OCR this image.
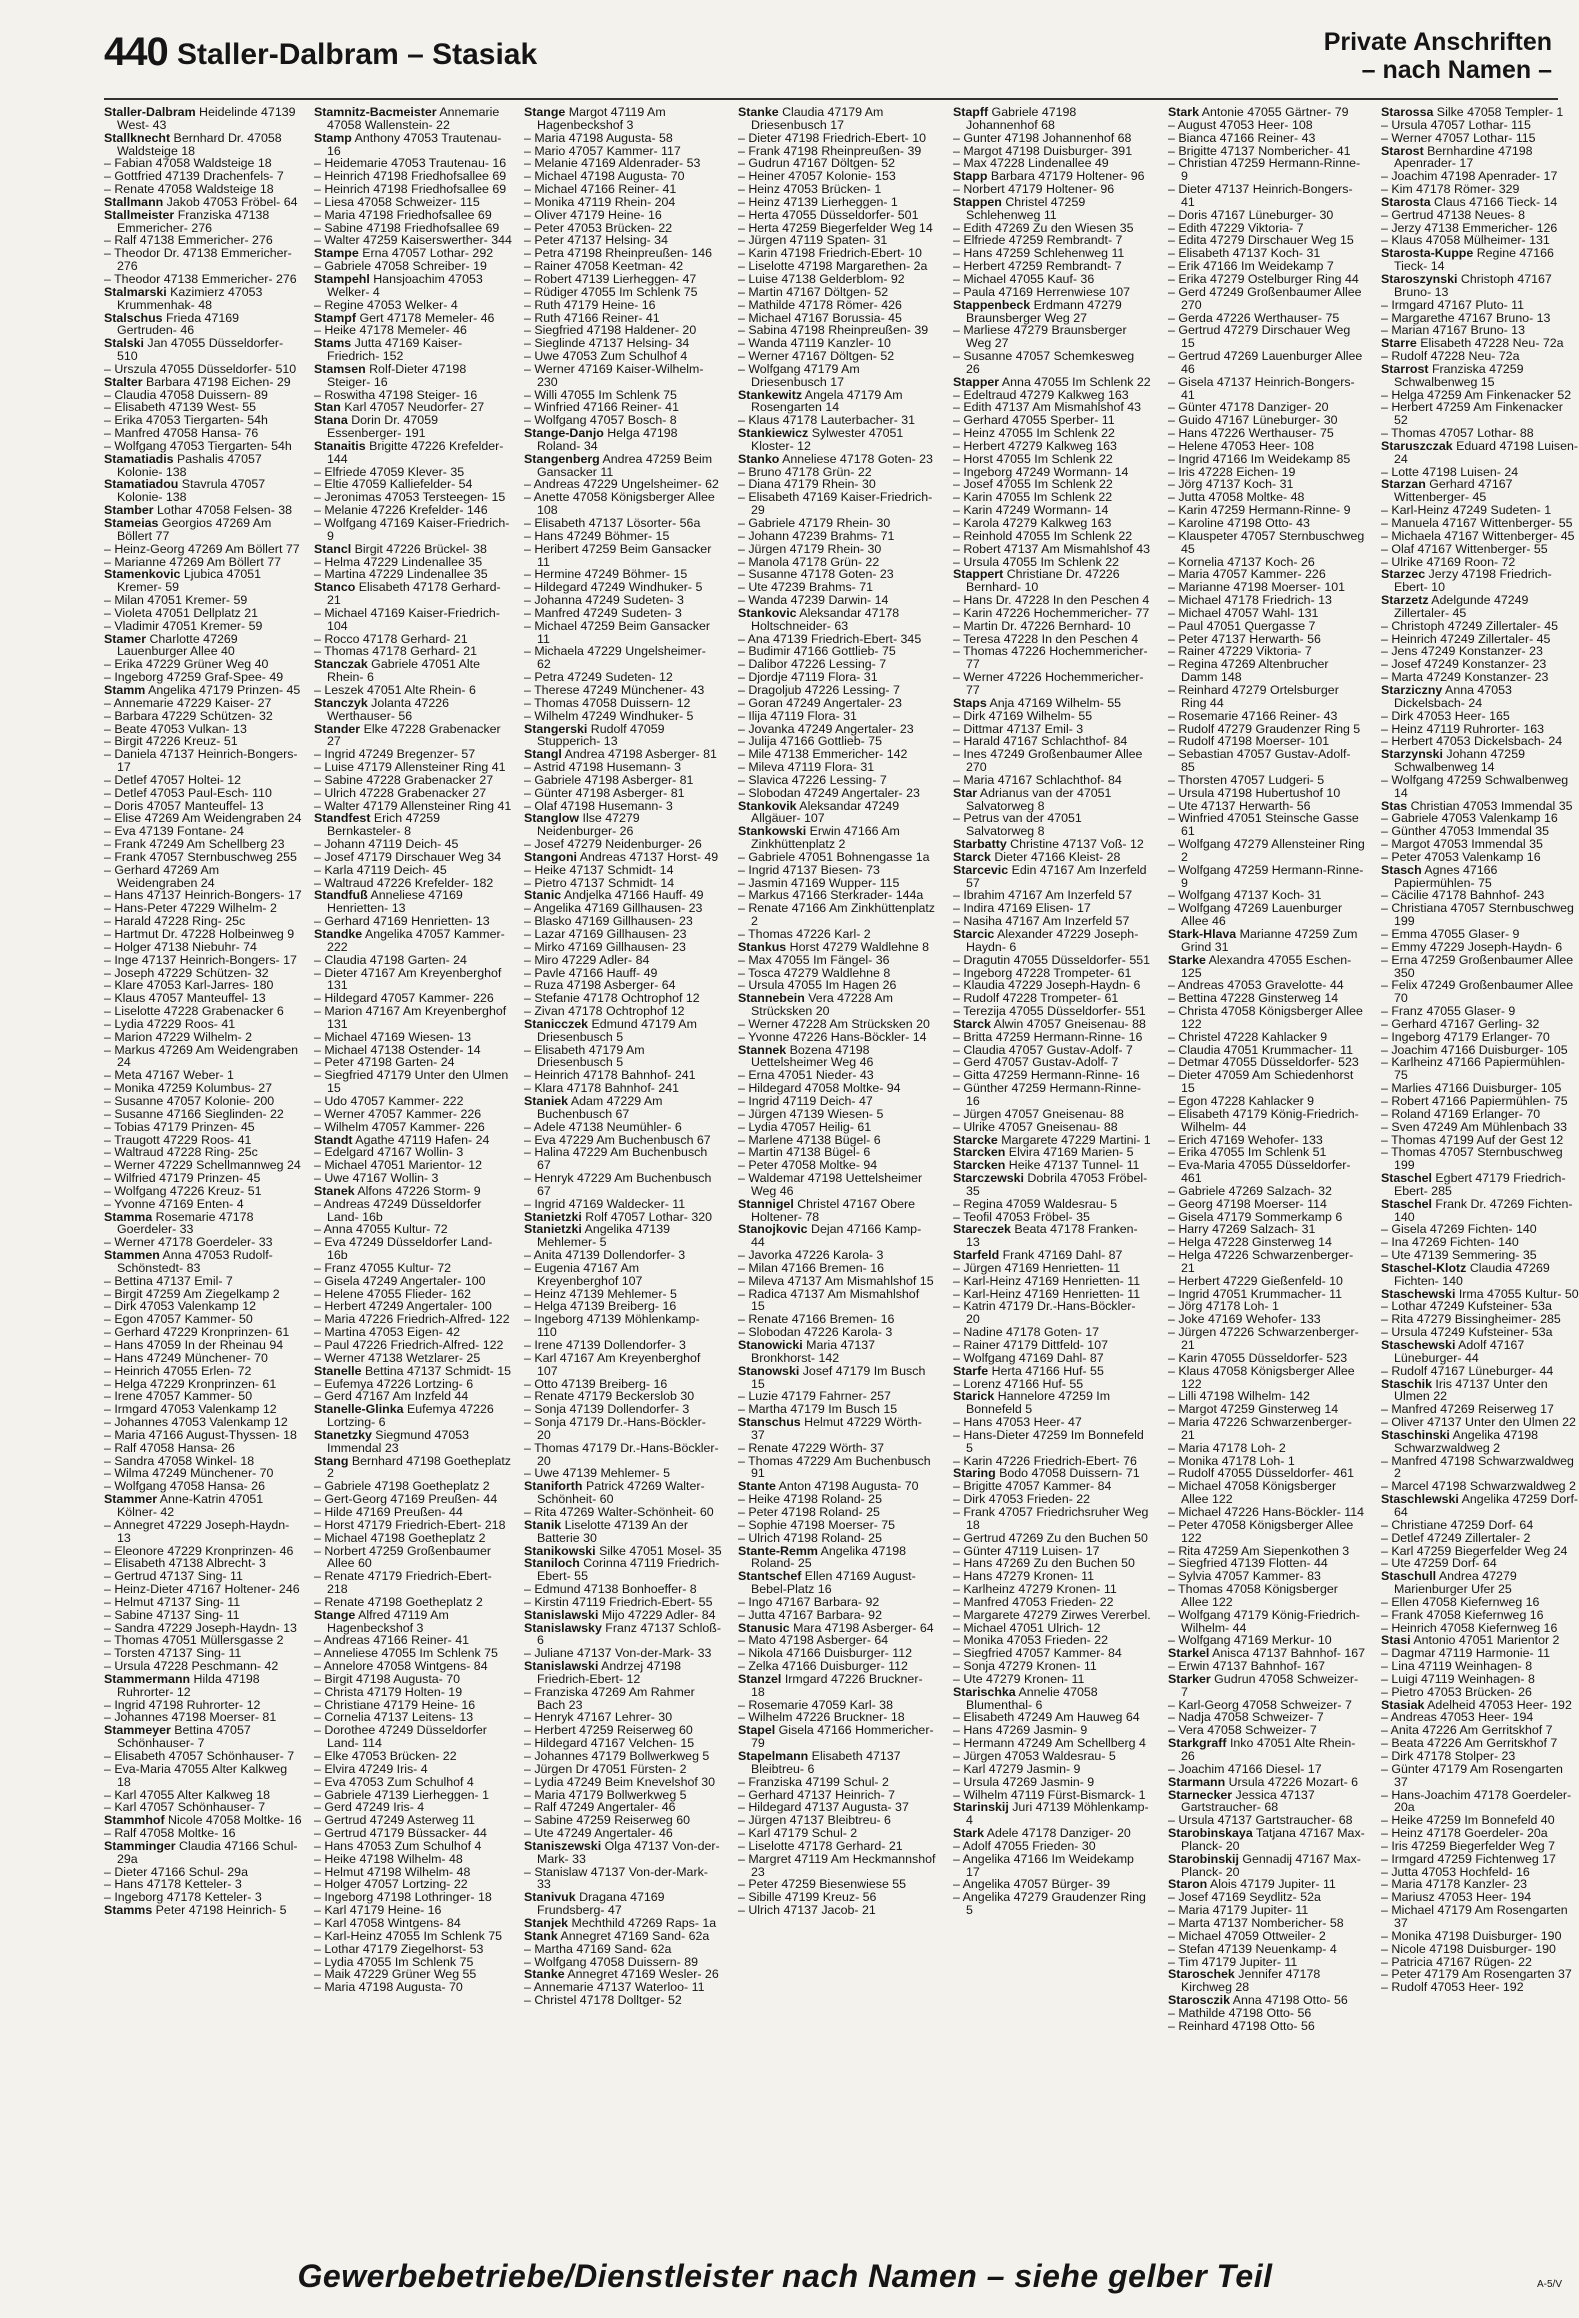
440 Staller-Dalbram – Stasiak	Private Anschriften
– nach Namen –
Staller-Dalbram Heidelinde 47139 West- 43
Stallknecht Bernhard Dr. 47058 Waldsteige 18
– Fabian 47058 Waldsteige 18
– Gottfried 47139 Drachenfels- 7
– Renate 47058 Waldsteige 18
Stallmann Jakob 47053 Fröbel- 64
Stallmeister Franziska 47138 Emmericher- 276
– Ralf 47138 Emmericher- 276
– Theodor Dr. 47138 Emmericher- 276
– Theodor 47138 Emmericher- 276
Stalmarski Kazimierz 47053 Krummenhak- 48
Stalschus Frieda 47169 Gertruden- 46
Stalski Jan 47055 Düsseldorfer- 510
– Urszula 47055 Düsseldorfer- 510
Stalter Barbara 47198 Eichen- 29
– Claudia 47058 Duissern- 89
– Elisabeth 47139 West- 55
– Erika 47053 Tiergarten- 54h
– Manfred 47058 Hansa- 76
– Wolfgang 47053 Tiergarten- 54h
Stamatiadis Pashalis 47057 Kolonie- 138
Stamatiadou Stavrula 47057 Kolonie- 138
Stamber Lothar 47058 Felsen- 38
Stameias Georgios 47269 Am Böllert 77
– Heinz-Georg 47269 Am Böllert 77
– Marianne 47269 Am Böllert 77
Stamenkovic Ljubica 47051 Kremer- 59
– Milan 47051 Kremer- 59
– Violeta 47051 Dellplatz 21
– Vladimir 47051 Kremer- 59
Stamer Charlotte 47269 Lauenburger Allee 40
– Erika 47229 Grüner Weg 40
– Ingeborg 47259 Graf-Spee- 49
Stamm Angelika 47179 Prinzen- 45
– Annemarie 47229 Kaiser- 27
– Barbara 47229 Schützen- 32
– Beate 47053 Vulkan- 13
– Birgit 47226 Kreuz- 51
– Daniela 47137 Heinrich-Bongers- 17
– Detlef 47057 Holtei- 12
– Detlef 47053 Paul-Esch- 110
– Doris 47057 Manteuffel- 13
– Elise 47269 Am Weidengraben 24
– Eva 47139 Fontane- 24
– Frank 47249 Am Schellberg 23
– Frank 47057 Sternbuschweg 255
– Gerhard 47269 Am Weidengraben 24
– Hans 47137 Heinrich-Bongers- 17
– Hans-Peter 47229 Wilhelm- 2
– Harald 47228 Ring- 25c
– Hartmut Dr. 47228 Holbeinweg 9
– Holger 47138 Niebuhr- 74
– Inge 47137 Heinrich-Bongers- 17
– Joseph 47229 Schützen- 32
– Klare 47053 Karl-Jarres- 180
– Klaus 47057 Manteuffel- 13
– Liselotte 47228 Grabenacker 6
– Lydia 47229 Roos- 41
– Marion 47229 Wilhelm- 2
– Markus 47269 Am Weidengraben 24
– Meta 47167 Weber- 1
– Monika 47259 Kolumbus- 27
– Susanne 47057 Kolonie- 200
– Susanne 47166 Sieglinden- 22
– Tobias 47179 Prinzen- 45
– Traugott 47229 Roos- 41
– Waltraud 47228 Ring- 25c
– Werner 47229 Schellmannweg 24
– Wilfried 47179 Prinzen- 45
– Wolfgang 47226 Kreuz- 51
– Yvonne 47169 Enten- 4
Stamma Rosemarie 47178 Goerdeler- 33
– Werner 47178 Goerdeler- 33
Stammen Anna 47053 Rudolf-Schönstedt- 83
– Bettina 47137 Emil- 7
– Birgit 47259 Am Ziegelkamp 2
– Dirk 47053 Valenkamp 12
– Egon 47057 Kammer- 50
– Gerhard 47229 Kronprinzen- 61
– Hans 47059 In der Rheinau 94
– Hans 47249 Münchener- 70
– Heinrich 47055 Erlen- 72
– Helga 47229 Kronprinzen- 61
– Irene 47057 Kammer- 50
– Irmgard 47053 Valenkamp 12
– Johannes 47053 Valenkamp 12
– Maria 47166 August-Thyssen- 18
– Ralf 47058 Hansa- 26
– Sandra 47058 Winkel- 18
– Wilma 47249 Münchener- 70
– Wolfgang 47058 Hansa- 26
Stammer Anne-Katrin 47051 Kölner- 42
– Annegret 47229 Joseph-Haydn- 13
– Eleonore 47229 Kronprinzen- 46
– Elisabeth 47138 Albrecht- 3
– Gertrud 47137 Sing- 11
– Heinz-Dieter 47167 Holtener- 246
– Helmut 47137 Sing- 11
– Sabine 47137 Sing- 11
– Sandra 47229 Joseph-Haydn- 13
– Thomas 47051 Müllersgasse 2
– Torsten 47137 Sing- 11
– Ursula 47228 Peschmann- 42
Stammermann Hilda 47198 Ruhrorter- 12
– Ingrid 47198 Ruhrorter- 12
– Johannes 47198 Moerser- 81
Stammeyer Bettina 47057 Schönhauser- 7
– Elisabeth 47057 Schönhauser- 7
– Eva-Maria 47055 Alter Kalkweg 18
– Karl 47055 Alter Kalkweg 18
– Karl 47057 Schönhauser- 7
Stammhof Nicole 47058 Moltke- 16
– Ralf 47058 Moltke- 16
Stamminger Claudia 47166 Schul- 29a
– Dieter 47166 Schul- 29a
– Hans 47178 Ketteler- 3
– Ingeborg 47178 Ketteler- 3
Stamms Peter 47198 Heinrich- 5
Stamnitz-Bacmeister Annemarie 47058 Wallenstein- 22
Stamp Anthony 47053 Trautenau- 16
– Heidemarie 47053 Trautenau- 16
– Heinrich 47198 Friedhofsallee 69
– Heinrich 47198 Friedhofsallee 69
– Liesa 47058 Schweizer- 115
– Maria 47198 Friedhofsallee 69
– Sabine 47198 Friedhofsallee 69
– Walter 47259 Kaiserswerther- 344
Stampe Erna 47057 Lothar- 292
– Gabriele 47058 Schreiber- 19
Stampehl Hansjoachim 47053 Welker- 4
– Regine 47053 Welker- 4
Stampf Gert 47178 Memeler- 46
– Heike 47178 Memeler- 46
Stams Jutta 47169 Kaiser-Friedrich- 152
Stamsen Rolf-Dieter 47198 Steiger- 16
– Roswitha 47198 Steiger- 16
Stan Karl 47057 Neudorfer- 27
Stana Dorin Dr. 47059 Essenberger- 191
Stanaitis Brigitte 47226 Krefelder- 144
– Elfriede 47059 Klever- 35
– Eltie 47059 Kalliefelder- 54
– Jeronimas 47053 Tersteegen- 15
– Melanie 47226 Krefelder- 146
– Wolfgang 47169 Kaiser-Friedrich- 9
Stancl Birgit 47226 Brückel- 38
– Helma 47229 Lindenallee 35
– Martina 47229 Lindenallee 35
Stanco Elisabeth 47178 Gerhard- 21
– Michael 47169 Kaiser-Friedrich- 104
– Rocco 47178 Gerhard- 21
– Thomas 47178 Gerhard- 21
Stanczak Gabriele 47051 Alte Rhein- 6
– Leszek 47051 Alte Rhein- 6
Stanczyk Jolanta 47226 Werthauser- 56
Stander Elke 47228 Grabenacker 27
– Ingrid 47249 Bregenzer- 57
– Luise 47179 Allensteiner Ring 41
– Sabine 47228 Grabenacker 27
– Ulrich 47228 Grabenacker 27
– Walter 47179 Allensteiner Ring 41
Standfest Erich 47259 Bernkasteler- 8
– Johann 47119 Deich- 45
– Josef 47179 Dirschauer Weg 34
– Karla 47119 Deich- 45
– Waltraud 47226 Krefelder- 182
Standfuß Anneliese 47169 Henrietten- 13
– Gerhard 47169 Henrietten- 13
Standke Angelika 47057 Kammer- 222
– Claudia 47198 Garten- 24
– Dieter 47167 Am Kreyenberghof 131
– Hildegard 47057 Kammer- 226
– Marion 47167 Am Kreyenberghof 131
– Michael 47169 Wiesen- 13
– Michael 47138 Ostender- 14
– Peter 47198 Garten- 24
– Siegfried 47179 Unter den Ulmen 15
– Udo 47057 Kammer- 222
– Werner 47057 Kammer- 226
– Wilhelm 47057 Kammer- 226
Standt Agathe 47119 Hafen- 24
– Edelgard 47167 Wollin- 3
– Michael 47051 Marientor- 12
– Uwe 47167 Wollin- 3
Stanek Alfons 47226 Storm- 9
– Andreas 47249 Düsseldorfer Land- 16b
– Anna 47055 Kultur- 72
– Eva 47249 Düsseldorfer Land- 16b
– Franz 47055 Kultur- 72
– Gisela 47249 Angertaler- 100
– Helene 47055 Flieder- 162
– Herbert 47249 Angertaler- 100
– Maria 47226 Friedrich-Alfred- 122
– Martina 47053 Eigen- 42
– Paul 47226 Friedrich-Alfred- 122
– Werner 47138 Wetzlarer- 25
Stanelle Bettina 47137 Schmidt- 15
– Eufemya 47226 Lortzing- 6
– Gerd 47167 Am Inzfeld 44
Stanelle-Glinka Eufemya 47226 Lortzing- 6
Stanetzky Siegmund 47053 Immendal 23
Stang Bernhard 47198 Goetheplatz 2
– Gabriele 47198 Goetheplatz 2
– Gert-Georg 47169 Preußen- 44
– Hilde 47169 Preußen- 44
– Horst 47179 Friedrich-Ebert- 218
– Michael 47198 Goetheplatz 2
– Norbert 47259 Großenbaumer Allee 60
– Renate 47179 Friedrich-Ebert- 218
– Renate 47198 Goetheplatz 2
Stange Alfred 47119 Am Hagenbeckshof 3
– Andreas 47166 Reiner- 41
– Anneliese 47055 Im Schlenk 75
– Annelore 47058 Wintgens- 84
– Birgit 47198 Augusta- 70
– Christa 47179 Holten- 19
– Christiane 47179 Heine- 16
– Cornelia 47137 Leitens- 13
– Dorothee 47249 Düsseldorfer Land- 114
– Elke 47053 Brücken- 22
– Elvira 47249 Iris- 4
– Eva 47053 Zum Schulhof 4
– Gabriele 47139 Lierheggen- 1
– Gerd 47249 Iris- 4
– Gertrud 47249 Asterweg 11
– Gertrud 47179 Büssacker- 44
– Hans 47053 Zum Schulhof 4
– Heike 47198 Wilhelm- 48
– Helmut 47198 Wilhelm- 48
– Holger 47057 Lortzing- 22
– Ingeborg 47198 Lothringer- 18
– Karl 47179 Heine- 16
– Karl 47058 Wintgens- 84
– Karl-Heinz 47055 Im Schlenk 75
– Lothar 47179 Ziegelhorst- 53
– Lydia 47055 Im Schlenk 75
– Maik 47229 Grüner Weg 55
– Maria 47198 Augusta- 70
Stange Margot 47119 Am Hagenbeckshof 3
– Maria 47198 Augusta- 58
– Mario 47057 Kammer- 117
– Melanie 47169 Aldenrader- 53
– Michael 47198 Augusta- 70
– Michael 47166 Reiner- 41
– Monika 47119 Rhein- 204
– Oliver 47179 Heine- 16
– Peter 47053 Brücken- 22
– Peter 47137 Helsing- 34
– Petra 47198 Rheinpreußen- 146
– Rainer 47058 Keetman- 42
– Robert 47139 Lierheggen- 47
– Rüdiger 47055 Im Schlenk 75
– Ruth 47179 Heine- 16
– Ruth 47166 Reiner- 41
– Siegfried 47198 Haldener- 20
– Sieglinde 47137 Helsing- 34
– Uwe 47053 Zum Schulhof 4
– Werner 47169 Kaiser-Wilhelm- 230
– Willi 47055 Im Schlenk 75
– Winfried 47166 Reiner- 41
– Wolfgang 47057 Bosch- 8
Stange-Danjo Helga 47198 Roland- 34
Stangenberg Andrea 47259 Beim Gansacker 11
– Andreas 47229 Ungelsheimer- 62
– Anette 47058 Königsberger Allee 108
– Elisabeth 47137 Lösorter- 56a
– Hans 47249 Böhmer- 15
– Heribert 47259 Beim Gansacker 11
– Hermine 47249 Böhmer- 15
– Hildegard 47249 Windhuker- 5
– Johanna 47249 Sudeten- 3
– Manfred 47249 Sudeten- 3
– Michael 47259 Beim Gansacker 11
– Michaela 47229 Ungelsheimer- 62
– Petra 47249 Sudeten- 12
– Therese 47249 Münchener- 43
– Thomas 47058 Duissern- 12
– Wilhelm 47249 Windhuker- 5
Stangerski Rudolf 47059 Stupperich- 13
Stangl Andrea 47198 Asberger- 81
– Astrid 47198 Husemann- 3
– Gabriele 47198 Asberger- 81
– Günter 47198 Asberger- 81
– Olaf 47198 Husemann- 3
Stanglow Ilse 47279 Neidenburger- 26
– Josef 47279 Neidenburger- 26
Stangoni Andreas 47137 Horst- 49
– Heike 47137 Schmidt- 14
– Pietro 47137 Schmidt- 14
Stanic Andjelka 47166 Hauff- 49
– Angelika 47169 Gillhausen- 23
– Blasko 47169 Gillhausen- 23
– Lazar 47169 Gillhausen- 23
– Mirko 47169 Gillhausen- 23
– Miro 47229 Adler- 84
– Pavle 47166 Hauff- 49
– Ruza 47198 Asberger- 64
– Stefanie 47178 Ochtrophof 12
– Zivan 47178 Ochtrophof 12
Stanicczek Edmund 47179 Am Driesenbusch 5
– Elisabeth 47179 Am Driesenbusch 5
– Heinrich 47178 Bahnhof- 241
– Klara 47178 Bahnhof- 241
Staniek Adam 47229 Am Buchenbusch 67
– Adele 47138 Neumühler- 6
– Eva 47229 Am Buchenbusch 67
– Halina 47229 Am Buchenbusch 67
– Henryk 47229 Am Buchenbusch 67
– Ingrid 47169 Waldecker- 11
Stanietzki Rolf 47057 Lothar- 320
Stanietzki Angelika 47139 Mehlemer- 5
– Anita 47139 Dollendorfer- 3
– Eugenia 47167 Am Kreyenberghof 107
– Heinz 47139 Mehlemer- 5
– Helga 47139 Breiberg- 16
– Ingeborg 47139 Möhlenkamp- 110
– Irene 47139 Dollendorfer- 3
– Karl 47167 Am Kreyenberghof 107
– Otto 47139 Breiberg- 16
– Renate 47179 Beckerslob 30
– Sonja 47139 Dollendorfer- 3
– Sonja 47179 Dr.-Hans-Böckler- 20
– Thomas 47179 Dr.-Hans-Böckler- 20
– Uwe 47139 Mehlemer- 5
Staniforth Patrick 47269 Walter-Schönheit- 60
– Rita 47269 Walter-Schönheit- 60
Stanik Liselotte 47139 An der Batterie 30
Stanikowski Silke 47051 Mosel- 35
Staniloch Corinna 47119 Friedrich-Ebert- 55
– Edmund 47138 Bonhoeffer- 8
– Kirstin 47119 Friedrich-Ebert- 55
Stanislawski Mijo 47229 Adler- 84
Stanislawsky Franz 47137 Schloß- 6
– Juliane 47137 Von-der-Mark- 33
Stanislawski Andrzej 47198 Friedrich-Ebert- 12
– Franziska 47269 Am Rahmer Bach 23
– Henryk 47167 Lehrer- 30
– Herbert 47259 Reiserweg 60
– Hildegard 47167 Velchen- 15
– Johannes 47179 Bollwerkweg 5
– Jürgen Dr 47051 Fürsten- 2
– Lydia 47249 Beim Knevelshof 30
– Maria 47179 Bollwerkweg 5
– Ralf 47249 Angertaler- 46
– Sabine 47259 Reiserweg 60
– Ute 47249 Angertaler- 46
Staniszewski Olga 47137 Von-der-Mark- 33
– Stanislaw 47137 Von-der-Mark- 33
Stanivuk Dragana 47169 Frundsberg- 47
Stanjek Mechthild 47269 Raps- 1a
Stank Annegret 47169 Sand- 62a
– Martha 47169 Sand- 62a
– Wolfgang 47058 Duissern- 89
Stanke Annegret 47169 Wesler- 26
– Annemarie 47137 Waterloo- 11
– Christel 47178 Dolltger- 52
Stanke Claudia 47179 Am Driesenbusch 17
– Dieter 47198 Friedrich-Ebert- 10
– Frank 47198 Rheinpreußen- 39
– Gudrun 47167 Döltgen- 52
– Heiner 47057 Kolonie- 153
– Heinz 47053 Brücken- 1
– Heinz 47139 Lierheggen- 1
– Herta 47055 Düsseldorfer- 501
– Herta 47259 Biegerfelder Weg 14
– Jürgen 47119 Spaten- 31
– Karin 47198 Friedrich-Ebert- 10
– Liselotte 47198 Margarethen- 2a
– Luise 47138 Gelderblom- 92
– Martin 47167 Döltgen- 52
– Mathilde 47178 Römer- 426
– Michael 47167 Borussia- 45
– Sabina 47198 Rheinpreußen- 39
– Wanda 47119 Kanzler- 10
– Werner 47167 Döltgen- 52
– Wolfgang 47179 Am Driesenbusch 17
Stankewitz Angela 47179 Am Rosengarten 14
– Klaus 47178 Lauterbacher- 31
Stankiewicz Sylwester 47051 Kloster- 12
Stanko Anneliese 47178 Goten- 23
– Bruno 47178 Grün- 22
– Diana 47179 Rhein- 30
– Elisabeth 47169 Kaiser-Friedrich- 29
– Gabriele 47179 Rhein- 30
– Johann 47239 Brahms- 71
– Jürgen 47179 Rhein- 30
– Manola 47178 Grün- 22
– Susanne 47178 Goten- 23
– Ute 47239 Brahms- 71
– Wanda 47239 Darwin- 14
Stankovic Aleksandar 47178 Holtschneider- 63
– Ana 47139 Friedrich-Ebert- 345
– Budimir 47166 Gottlieb- 75
– Dalibor 47226 Lessing- 7
– Djordje 47119 Flora- 31
– Dragoljub 47226 Lessing- 7
– Goran 47249 Angertaler- 23
– Ilija 47119 Flora- 31
– Jovanka 47249 Angertaler- 23
– Julija 47166 Gottlieb- 75
– Mile 47138 Emmericher- 142
– Mileva 47119 Flora- 31
– Slavica 47226 Lessing- 7
– Slobodan 47249 Angertaler- 23
Stankovik Aleksandar 47249 Allgäuer- 107
Stankowski Erwin 47166 Am Zinkhüttenplatz 2
– Gabriele 47051 Bohnengasse 1a
– Ingrid 47137 Biesen- 73
– Jasmin 47169 Wupper- 115
– Markus 47166 Sterkrader- 144a
– Renate 47166 Am Zinkhüttenplatz 2
– Thomas 47226 Karl- 2
Stankus Horst 47279 Waldlehne 8
– Max 47055 Im Fängel- 36
– Tosca 47279 Waldlehne 8
– Ursula 47055 Im Hagen 26
Stannebein Vera 47228 Am Strücksken 20
– Werner 47228 Am Strücksken 20
– Yvonne 47226 Hans-Böckler- 14
Stannek Bozena 47198 Uettelsheimer Weg 46
– Erna 47051 Nieder- 43
– Hildegard 47058 Moltke- 94
– Ingrid 47119 Deich- 47
– Jürgen 47139 Wiesen- 5
– Lydia 47057 Heilig- 61
– Marlene 47138 Bügel- 6
– Martin 47138 Bügel- 6
– Peter 47058 Moltke- 94
– Waldemar 47198 Uettelsheimer Weg 46
Stannigel Christel 47167 Obere Holtener- 78
Stanojkovic Dejan 47166 Kamp- 44
– Javorka 47226 Karola- 3
– Milan 47166 Bremen- 16
– Mileva 47137 Am Mismahlshof 15
– Radica 47137 Am Mismahlshof 15
– Renate 47166 Bremen- 16
– Slobodan 47226 Karola- 3
Stanowicki Maria 47137 Bronkhorst- 142
Stanowski Josef 47179 Im Busch 15
– Luzie 47179 Fahrner- 257
– Martha 47179 Im Busch 15
Stanschus Helmut 47229 Wörth- 37
– Renate 47229 Wörth- 37
– Thomas 47229 Am Buchenbusch 91
Stante Anton 47198 Augusta- 70
– Heike 47198 Roland- 25
– Peter 47198 Roland- 25
– Sophie 47198 Moerser- 75
– Ulrich 47198 Roland- 25
Stante-Remm Angelika 47198 Roland- 25
Stantschef Ellen 47169 August-Bebel-Platz 16
– Ingo 47167 Barbara- 92
– Jutta 47167 Barbara- 92
Stanusic Mara 47198 Asberger- 64
– Mato 47198 Asberger- 64
– Nikola 47166 Duisburger- 112
– Zelka 47166 Duisburger- 112
Stanzel Irmgard 47226 Bruckner- 18
– Rosemarie 47059 Karl- 38
– Wilhelm 47226 Bruckner- 18
Stapel Gisela 47166 Hommericher- 79
Stapelmann Elisabeth 47137 Bleibtreu- 6
– Franziska 47199 Schul- 2
– Gerhard 47137 Heinrich- 7
– Hildegard 47137 Augusta- 37
– Jürgen 47137 Bleibtreu- 6
– Karl 47179 Schul- 2
– Liselotte 47178 Gerhard- 21
– Margret 47119 Am Heckmannshof 23
– Peter 47259 Biesenwiese 55
– Sibille 47199 Kreuz- 56
– Ulrich 47137 Jacob- 21
Stapff Gabriele 47198 Johannenhof 68
– Gunter 47198 Johannenhof 68
– Margot 47198 Duisburger- 391
– Max 47228 Lindenallee 49
Stapp Barbara 47179 Holtener- 96
– Norbert 47179 Holtener- 96
Stappen Christel 47259 Schlehenweg 11
– Edith 47269 Zu den Wiesen 35
– Elfriede 47259 Rembrandt- 7
– Hans 47259 Schlehenweg 11
– Herbert 47259 Rembrandt- 7
– Michael 47055 Kauf- 36
– Paula 47169 Herrenwiese 107
Stappenbeck Erdmann 47279 Braunsberger Weg 27
– Marliese 47279 Braunsberger Weg 27
– Susanne 47057 Schemkesweg 26
Stapper Anna 47055 Im Schlenk 22
– Edeltraud 47279 Kalkweg 163
– Edith 47137 Am Mismahlshof 43
– Gerhard 47055 Sperber- 11
– Heinz 47055 Im Schlenk 22
– Herbert 47279 Kalkweg 163
– Horst 47055 Im Schlenk 22
– Ingeborg 47249 Wormann- 14
– Josef 47055 Im Schlenk 22
– Karin 47055 Im Schlenk 22
– Karin 47249 Wormann- 14
– Karola 47279 Kalkweg 163
– Reinhold 47055 Im Schlenk 22
– Robert 47137 Am Mismahlshof 43
– Ursula 47055 Im Schlenk 22
Stappert Christiane Dr. 47226 Bernhard- 10
– Hans Dr. 47228 In den Peschen 4
– Karin 47226 Hochemmericher- 77
– Martin Dr. 47226 Bernhard- 10
– Teresa 47228 In den Peschen 4
– Thomas 47226 Hochemmericher- 77
– Werner 47226 Hochemmericher- 77
Staps Anja 47169 Wilhelm- 55
– Dirk 47169 Wilhelm- 55
– Dittmar 47137 Emil- 3
– Harald 47167 Schlachthof- 84
– Ines 47249 Großenbaumer Allee 270
– Maria 47167 Schlachthof- 84
Star Adrianus van der 47051 Salvatorweg 8
– Petrus van der 47051 Salvatorweg 8
Starbatty Christine 47137 Voß- 12
Starck Dieter 47166 Kleist- 28
Starcevic Edin 47167 Am Inzerfeld 57
– Ibrahim 47167 Am Inzerfeld 57
– Indira 47169 Elisen- 17
– Nasiha 47167 Am Inzerfeld 57
Starcic Alexander 47229 Joseph-Haydn- 6
– Dragutin 47055 Düsseldorfer- 551
– Ingeborg 47228 Trompeter- 61
– Klaudia 47229 Joseph-Haydn- 6
– Rudolf 47228 Trompeter- 61
– Terezija 47055 Düsseldorfer- 551
Starck Alwin 47057 Gneisenau- 88
– Britta 47259 Hermann-Rinne- 16
– Claudia 47057 Gustav-Adolf- 7
– Gerd 47057 Gustav-Adolf- 7
– Gitta 47259 Hermann-Rinne- 16
– Günther 47259 Hermann-Rinne- 16
– Jürgen 47057 Gneisenau- 88
– Ulrike 47057 Gneisenau- 88
Starcke Margarete 47229 Martini- 1
Starcken Elvira 47169 Marien- 5
Starcken Heike 47137 Tunnel- 11
Starczewski Dobrila 47053 Fröbel- 35
– Regina 47059 Waldesrau- 5
– Teofil 47053 Fröbel- 35
Stareczek Beata 47178 Franken- 13
Starfeld Frank 47169 Dahl- 87
– Jürgen 47169 Henrietten- 11
– Karl-Heinz 47169 Henrietten- 11
– Karl-Heinz 47169 Henrietten- 11
– Katrin 47179 Dr.-Hans-Böckler- 20
– Nadine 47178 Goten- 17
– Rainer 47179 Dittfeld- 107
– Wolfgang 47169 Dahl- 87
Starfe Herta 47166 Huf- 55
– Lorenz 47166 Huf- 55
Starick Hannelore 47259 Im Bonnefeld 5
– Hans 47053 Heer- 47
– Hans-Dieter 47259 Im Bonnefeld 5
– Karin 47226 Friedrich-Ebert- 76
Staring Bodo 47058 Duissern- 71
– Brigitte 47057 Kammer- 84
– Dirk 47053 Frieden- 22
– Frank 47057 Friedrichsruher Weg 18
– Gertrud 47269 Zu den Buchen 50
– Günter 47119 Luisen- 17
– Hans 47269 Zu den Buchen 50
– Hans 47279 Kronen- 11
– Karlheinz 47279 Kronen- 11
– Manfred 47053 Frieden- 22
– Margarete 47279 Zirwes Vererbel.
– Michael 47051 Ulrich- 12
– Monika 47053 Frieden- 22
– Siegfried 47057 Kammer- 84
– Sonja 47279 Kronen- 11
– Ute 47279 Kronen- 11
Starischka Annelie 47058 Blumenthal- 6
– Elisabeth 47249 Am Hauweg 64
– Hans 47269 Jasmin- 9
– Hermann 47249 Am Schellberg 4
– Jürgen 47053 Waldesrau- 5
– Karl 47279 Jasmin- 9
– Ursula 47269 Jasmin- 9
– Wilhelm 47119 Fürst-Bismarck- 1
Starinskij Juri 47139 Möhlenkamp- 4
Stark Adele 47178 Danziger- 20
– Adolf 47055 Frieden- 30
– Angelika 47166 Im Weidekamp 17
– Angelika 47057 Bürger- 39
– Angelika 47279 Graudenzer Ring 5
Stark Antonie 47055 Gärtner- 79
– August 47053 Heer- 108
– Bianca 47166 Reiner- 43
– Brigitte 47137 Nombericher- 41
– Christian 47259 Hermann-Rinne- 9
– Dieter 47137 Heinrich-Bongers- 41
– Doris 47167 Lüneburger- 30
– Edith 47229 Viktoria- 7
– Edita 47279 Dirschauer Weg 15
– Elisabeth 47137 Koch- 31
– Erik 47166 Im Weidekamp 7
– Erika 47279 Ostelburger Ring 44
– Gerd 47249 Großenbaumer Allee 270
– Gerda 47226 Werthauser- 75
– Gertrud 47279 Dirschauer Weg 15
– Gertrud 47269 Lauenburger Allee 46
– Gisela 47137 Heinrich-Bongers- 41
– Günter 47178 Danziger- 20
– Guido 47167 Lüneburger- 30
– Hans 47226 Werthauser- 75
– Helene 47053 Heer- 108
– Ingrid 47166 Im Weidekamp 85
– Iris 47228 Eichen- 19
– Jörg 47137 Koch- 31
– Jutta 47058 Moltke- 48
– Karin 47259 Hermann-Rinne- 9
– Karoline 47198 Otto- 43
– Klauspeter 47057 Sternbuschweg 45
– Kornelia 47137 Koch- 26
– Maria 47057 Kammer- 226
– Marianne 47198 Moerser- 101
– Michael 47178 Friedrich- 13
– Michael 47057 Wahl- 131
– Paul 47051 Quergasse 7
– Peter 47137 Herwarth- 56
– Rainer 47229 Viktoria- 7
– Regina 47269 Altenbrucher Damm 148
– Reinhard 47279 Ortelsburger Ring 44
– Rosemarie 47166 Reiner- 43
– Rudolf 47279 Graudenzer Ring 5
– Rudolf 47198 Moerser- 101
– Sebastian 47057 Gustav-Adolf- 85
– Thorsten 47057 Ludgeri- 5
– Ursula 47198 Hubertushof 10
– Ute 47137 Herwarth- 56
– Winfried 47051 Steinsche Gasse 61
– Wolfgang 47279 Allensteiner Ring 2
– Wolfgang 47259 Hermann-Rinne- 9
– Wolfgang 47137 Koch- 31
– Wolfgang 47269 Lauenburger Allee 46
Stark-Hlava Marianne 47259 Zum Grind 31
Starke Alexandra 47055 Eschen- 125
– Andreas 47053 Gravelotte- 44
– Bettina 47228 Ginsterweg 14
– Christa 47058 Königsberger Allee 122
– Christel 47228 Kahlacker 9
– Claudia 47051 Krummacher- 11
– Detmar 47055 Düsseldorfer- 523
– Dieter 47059 Am Schiedenhorst 15
– Egon 47228 Kahlacker 9
– Elisabeth 47179 König-Friedrich-Wilhelm- 44
– Erich 47169 Wehofer- 133
– Erika 47055 Im Schlenk 51
– Eva-Maria 47055 Düsseldorfer- 461
– Gabriele 47269 Salzach- 32
– Georg 47198 Moerser- 114
– Gisela 47179 Sommerkamp 6
– Harry 47269 Salzach- 31
– Helga 47228 Ginsterweg 14
– Helga 47226 Schwarzenberger- 21
– Herbert 47229 Gießenfeld- 10
– Ingrid 47051 Krummacher- 11
– Jörg 47178 Loh- 1
– Joke 47169 Wehofer- 133
– Jürgen 47226 Schwarzenberger- 21
– Karin 47055 Düsseldorfer- 523
– Klaus 47058 Königsberger Allee 122
– Lilli 47198 Wilhelm- 142
– Margot 47259 Ginsterweg 14
– Maria 47226 Schwarzenberger- 21
– Maria 47178 Loh- 2
– Monika 47178 Loh- 1
– Rudolf 47055 Düsseldorfer- 461
– Michael 47058 Königsberger Allee 122
– Michael 47226 Hans-Böckler- 114
– Peter 47058 Königsberger Allee 122
– Rita 47259 Am Siepenkothen 3
– Siegfried 47139 Flotten- 44
– Sylvia 47057 Kammer- 83
– Thomas 47058 Königsberger Allee 122
– Wolfgang 47179 König-Friedrich-Wilhelm- 44
– Wolfgang 47169 Merkur- 10
Starkel Anisca 47137 Bahnhof- 167
– Erwin 47137 Bahnhof- 167
Starker Gudrun 47058 Schweizer- 7
– Karl-Georg 47058 Schweizer- 7
– Nadja 47058 Schweizer- 7
– Vera 47058 Schweizer- 7
Starkgraff Inko 47051 Alte Rhein- 26
– Joachim 47166 Diesel- 17
Starmann Ursula 47226 Mozart- 6
Starnecker Jessica 47137 Gartstraucher- 68
– Ursula 47137 Gartstraucher- 68
Starobinskaya Tatjana 47167 Max-Planck- 20
Starobinskij Gennadij 47167 Max-Planck- 20
Staron Alois 47179 Jupiter- 11
– Josef 47169 Seydlitz- 52a
– Maria 47179 Jupiter- 11
– Marta 47137 Nombericher- 58
– Michael 47059 Ottweiler- 2
– Stefan 47139 Neuenkamp- 4
– Tim 47179 Jupiter- 11
Staroschek Jennifer 47178 Kirchweg 28
Starosczik Anna 47198 Otto- 56
– Mathilde 47198 Otto- 56
– Reinhard 47198 Otto- 56
Starossa Silke 47058 Templer- 1
– Ursula 47057 Lothar- 115
– Werner 47057 Lothar- 115
Starost Bernhardine 47198 Apenrader- 17
– Joachim 47198 Apenrader- 17
– Kim 47178 Römer- 329
Starosta Claus 47166 Tieck- 14
– Gertrud 47138 Neues- 8
– Jerzy 47138 Emmericher- 126
– Klaus 47058 Mülheimer- 131
Starosta-Kuppe Regine 47166 Tieck- 14
Staroszynski Christoph 47167 Bruno- 13
– Irmgard 47167 Pluto- 11
– Margarethe 47167 Bruno- 13
– Marian 47167 Bruno- 13
Starre Elisabeth 47228 Neu- 72a
– Rudolf 47228 Neu- 72a
Starrost Franziska 47259 Schwalbenweg 15
– Helga 47259 Am Finkenacker 52
– Herbert 47259 Am Finkenacker 52
– Thomas 47057 Lothar- 88
Staruszczak Eduard 47198 Luisen- 24
– Lotte 47198 Luisen- 24
Starzan Gerhard 47167 Wittenberger- 45
– Karl-Heinz 47249 Sudeten- 1
– Manuela 47167 Wittenberger- 55
– Michaela 47167 Wittenberger- 45
– Olaf 47167 Wittenberger- 55
– Ulrike 47169 Roon- 72
Starzec Jerzy 47198 Friedrich-Ebert- 10
Starzetz Adelgunde 47249 Zillertaler- 45
– Christoph 47249 Zillertaler- 45
– Heinrich 47249 Zillertaler- 45
– Jens 47249 Konstanzer- 23
– Josef 47249 Konstanzer- 23
– Marta 47249 Konstanzer- 23
Starziczny Anna 47053 Dickelsbach- 24
– Dirk 47053 Heer- 165
– Heinz 47119 Ruhrorter- 163
– Herbert 47053 Dickelsbach- 24
Starzynski Johann 47259 Schwalbenweg 14
– Wolfgang 47259 Schwalbenweg 14
Stas Christian 47053 Immendal 35
– Gabriele 47053 Valenkamp 16
– Günther 47053 Immendal 35
– Margot 47053 Immendal 35
– Peter 47053 Valenkamp 16
Stasch Agnes 47166 Papiermühlen- 75
– Cäcilie 47178 Bahnhof- 243
– Christiana 47057 Sternbuschweg 199
– Emma 47055 Glaser- 9
– Emmy 47229 Joseph-Haydn- 6
– Erna 47259 Großenbaumer Allee 350
– Felix 47249 Großenbaumer Allee 70
– Franz 47055 Glaser- 9
– Gerhard 47167 Gerling- 32
– Ingeborg 47179 Erlanger- 70
– Joachim 47166 Duisburger- 105
– Karlheinz 47166 Papiermühlen- 75
– Marlies 47166 Duisburger- 105
– Robert 47166 Papiermühlen- 75
– Roland 47169 Erlanger- 70
– Sven 47249 Am Mühlenbach 33
– Thomas 47199 Auf der Gest 12
– Thomas 47057 Sternbuschweg 199
Staschel Egbert 47179 Friedrich-Ebert- 285
Staschel Frank Dr. 47269 Fichten- 140
– Gisela 47269 Fichten- 140
– Ina 47269 Fichten- 140
– Ute 47139 Semmering- 35
Staschel-Klotz Claudia 47269 Fichten- 140
Staschewski Irma 47055 Kultur- 50
– Lothar 47249 Kufsteiner- 53a
– Rita 47279 Bissingheimer- 285
– Ursula 47249 Kufsteiner- 53a
Staschewski Adolf 47167 Lüneburger- 44
– Rudolf 47167 Lüneburger- 44
Staschik Iris 47137 Unter den Ulmen 22
– Manfred 47269 Reiserweg 17
– Oliver 47137 Unter den Ulmen 22
Staschinski Angelika 47198 Schwarzwaldweg 2
– Manfred 47198 Schwarzwaldweg 2
– Marcel 47198 Schwarzwaldweg 2
Staschlewski Angelika 47259 Dorf- 64
– Christiane 47259 Dorf- 64
– Detlef 47249 Zillertaler- 2
– Karl 47259 Biegerfelder Weg 24
– Ute 47259 Dorf- 64
Staschull Andrea 47279 Marienburger Ufer 25
– Ellen 47058 Kiefernweg 16
– Frank 47058 Kiefernweg 16
– Heinrich 47058 Kiefernweg 16
Stasi Antonio 47051 Marientor 2
– Dagmar 47119 Harmonie- 11
– Lina 47119 Weinhagen- 8
– Luigi 47119 Weinhagen- 8
– Pietro 47053 Brücken- 26
Stasiak Adelheid 47053 Heer- 192
– Andreas 47053 Heer- 194
– Anita 47226 Am Gerritskhof 7
– Beata 47226 Am Gerritskhof 7
– Dirk 47178 Stolper- 23
– Günter 47179 Am Rosengarten 37
– Hans-Joachim 47178 Goerdeler- 20a
– Heike 47259 Im Bonnefeld 40
– Heinz 47178 Goerdeler- 20a
– Iris 47259 Biegerfelder Weg 7
– Irmgard 47259 Fichtenweg 17
– Jutta 47053 Hochfeld- 16
– Maria 47178 Kanzler- 23
– Mariusz 47053 Heer- 194
– Michael 47179 Am Rosengarten 37
– Monika 47198 Duisburger- 190
– Nicole 47198 Duisburger- 190
– Patricia 47167 Rügen- 22
– Peter 47179 Am Rosengarten 37
– Rudolf 47053 Heer- 192
Gewerbebetriebe/Dienstleister nach Namen – siehe gelber Teil	A-5/V
